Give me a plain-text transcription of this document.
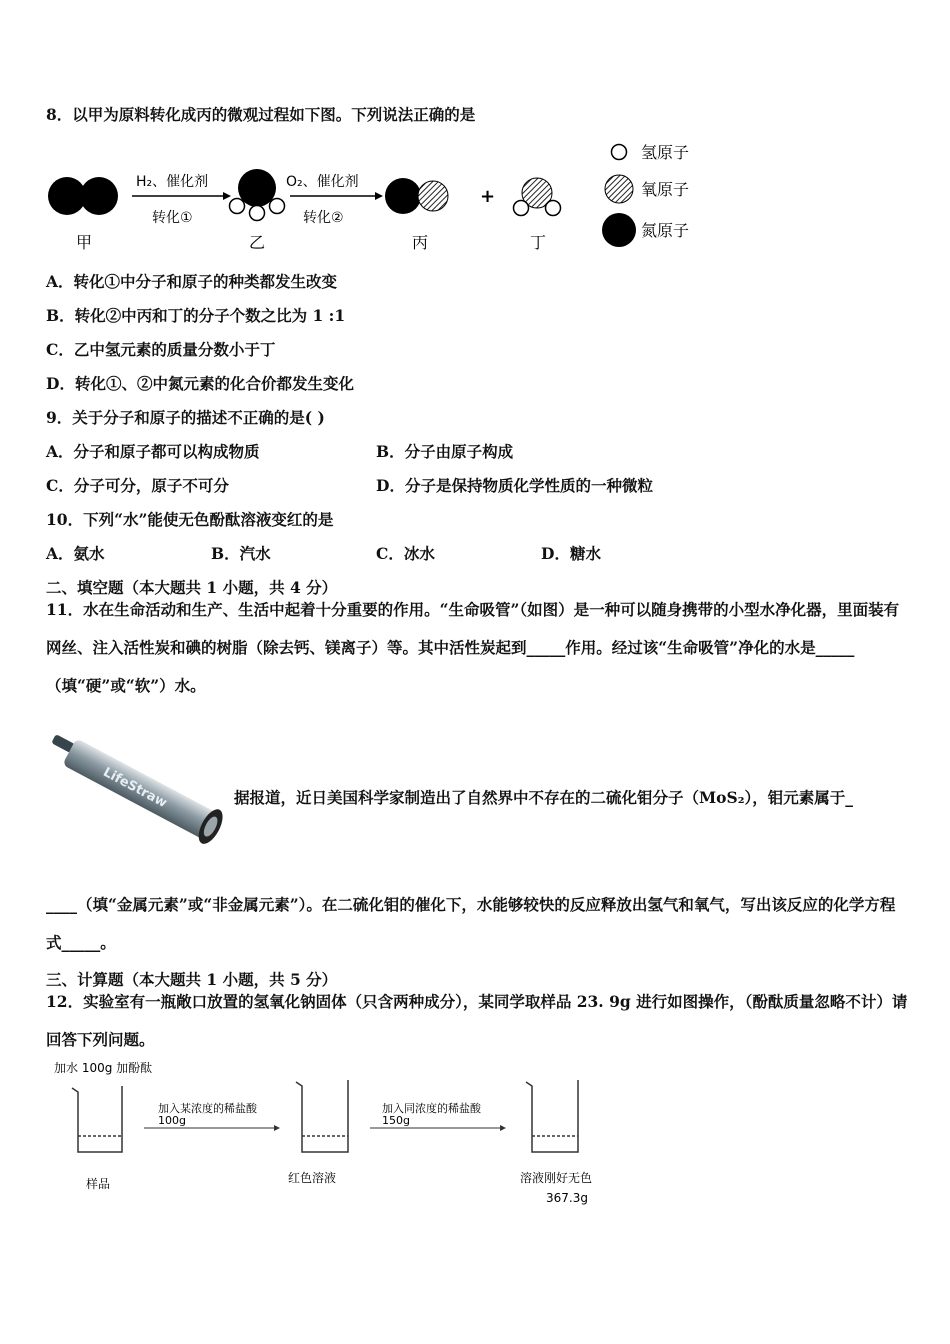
8．以甲为原料转化成丙的微观过程如下图。下列说法正确的是
H₂、催化剂
转化①
O₂、催化剂
转化②
+
甲	乙	丙	丁
氢原子
氧原子
氮原子
A．转化①中分子和原子的种类都发生改变
B．转化②中丙和丁的分子个数之比为 1 :1
C．乙中氢元素的质量分数小于丁
D．转化①、②中氮元素的化合价都发生变化
9．关于分子和原子的描述不正确的是( )
A．分子和原子都可以构成物质	B．分子由原子构成
C．分子可分，原子不可分	D．分子是保持物质化学性质的一种微粒
10．下列“水”能使无色酚酞溶液变红的是
A．氨水	B．汽水	C．冰水	D．糖水
二、填空题（本大题共 1 小题，共 4 分）
11．水在生命活动和生产、生活中起着十分重要的作用。“生命吸管”（如图）是一种可以随身携带的小型水净化器，里面装有网丝、注入活性炭和碘的树脂（除去钙、镁离子）等。其中活性炭起到_____作用。经过该“生命吸管”净化的水是_____（填“硬”或“软”）水。
LifeStraw	据报道，近日美国科学家制造出了自然界中不存在的二硫化钼分子（MoS₂），钼元素属于_
____（填“金属元素”或“非金属元素”）。在二硫化钼的催化下，水能够较快的反应释放出氢气和氧气，写出该反应的化学方程式_____。
三、计算题（本大题共 1 小题，共 5 分）
12．实验室有一瓶敞口放置的氢氧化钠固体（只含两种成分），某同学取样品 23. 9g 进行如图操作，（酚酞质量忽略不计）请回答下列问题。
加水 100g 加酚酞
加入某浓度的稀盐酸
100g
加入同浓度的稀盐酸
150g
样品	红色溶液	溶液刚好无色
367.3g
